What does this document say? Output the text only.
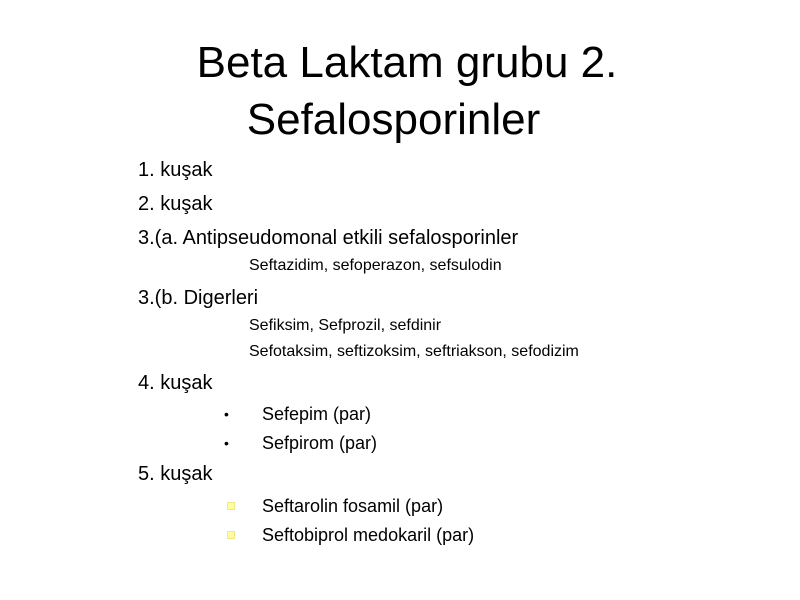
Beta Laktam grubu 2.
Sefalosporinler
1. kuşak
2. kuşak
3.(a. Antipseudomonal etkili sefalosporinler
Seftazidim, sefoperazon, sefsulodin
3.(b. Digerleri
Sefiksim, Sefprozil, sefdinir
Sefotaksim, seftizoksim, seftriakson, sefodizim
4. kuşak
• Sefepim (par)
• Sefpirom (par)
5. kuşak
Seftarolin fosamil (par)
Seftobiprol medokaril (par)
